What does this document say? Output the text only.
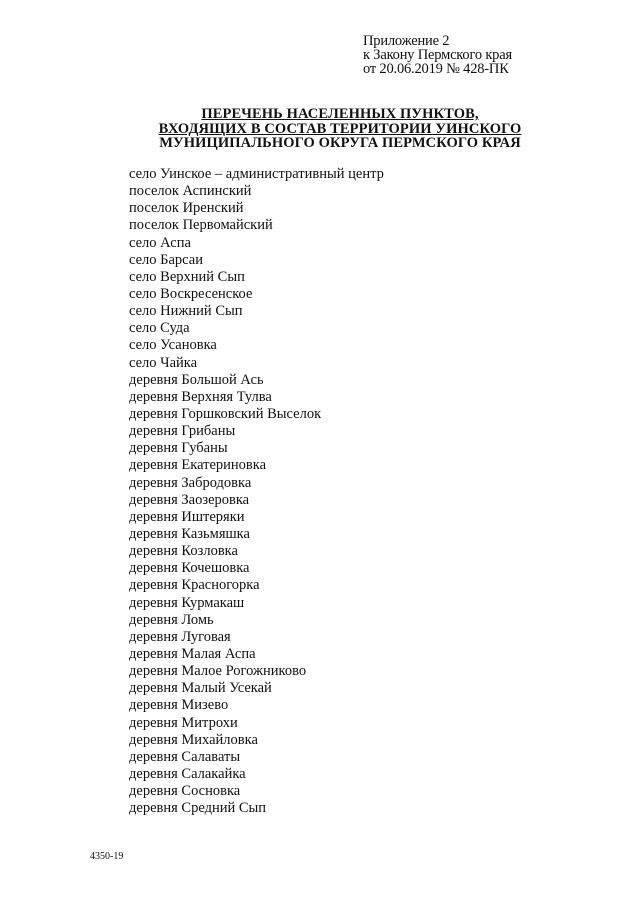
Приложение 2
к Закону Пермского края
от 20.06.2019 № 428-ПК
ПЕРЕЧЕНЬ НАСЕЛЕННЫХ ПУНКТОВ,
ВХОДЯЩИХ В СОСТАВ ТЕРРИТОРИИ УИНСКОГО
МУНИЦИПАЛЬНОГО ОКРУГА ПЕРМСКОГО КРАЯ
село Уинское – административный центр
поселок Аспинский
поселок Иренский
поселок Первомайский
село Аспа
село Барсаи
село Верхний Сып
село Воскресенское
село Нижний Сып
село Суда
село Усановка
село Чайка
деревня Большой Ась
деревня Верхняя Тулва
деревня Горшковский Выселок
деревня Грибаны
деревня Губаны
деревня Екатериновка
деревня Забродовка
деревня Заозеровка
деревня Иштеряки
деревня Казьмяшка
деревня Козловка
деревня Кочешовка
деревня Красногорка
деревня Курмакаш
деревня Ломь
деревня Луговая
деревня Малая Аспа
деревня Малое Рогожниково
деревня Малый Усекай
деревня Мизево
деревня Митрохи
деревня Михайловка
деревня Салаваты
деревня Салакайка
деревня Сосновка
деревня Средний Сып
4350-19
